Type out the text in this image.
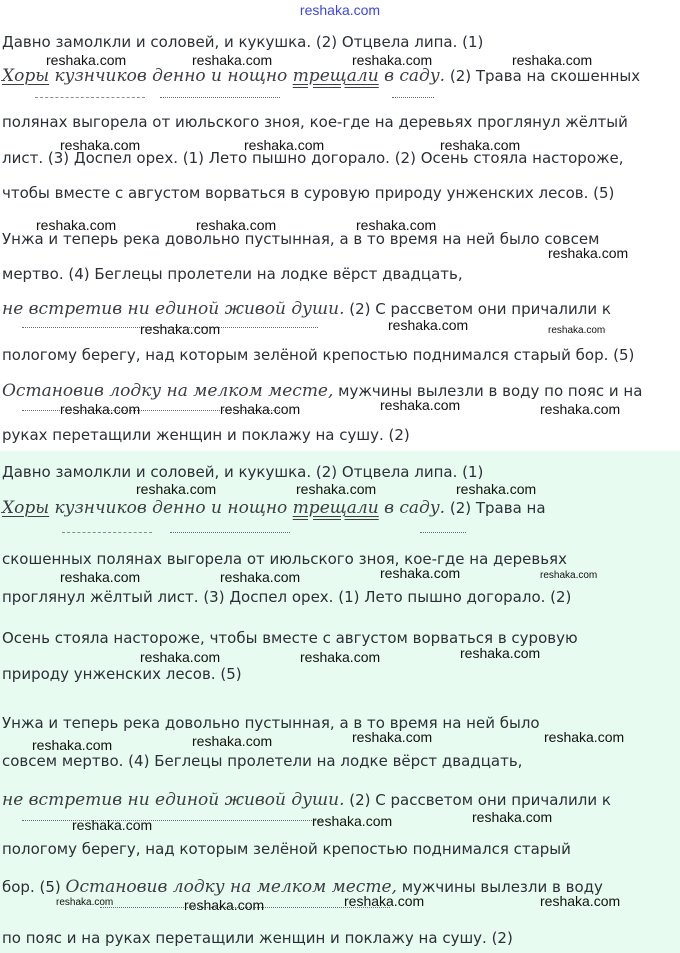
reshaka.com
Давно замолкли и соловей, и кукушка. (2) Отцвела липа. (1)
Хоры кузнчиков денно и нощно трещали в саду. (2) Трава на скошенных
полянах выгорела от июльского зноя, кое-где на деревьях проглянул жёлтый
лист. (3) Доспел орех. (1) Лето пышно догорало. (2) Осень стояла настороже,
чтобы вместе с августом ворваться в суровую природу унженских лесов. (5)
Унжа и теперь река довольно пустынная, а в то время на ней было совсем
мертво. (4) Беглецы пролетели на лодке вёрст двадцать,
не встретив ни единой живой души. (2) С рассветом они причалили к
пологому берегу, над которым зелёной крепостью поднимался старый бор. (5)
Остановив лодку на мелком месте, мужчины вылезли в воду по пояс и на
руках перетащили женщин и поклажу на сушу. (2)
Давно замолкли и соловей, и кукушка. (2) Отцвела липа. (1)
Хоры кузнчиков денно и нощно трещали в саду. (2) Трава на
скошенных полянах выгорела от июльского зноя, кое-где на деревьях
проглянул жёлтый лист. (3) Доспел орех. (1) Лето пышно догорало. (2)
Осень стояла настороже, чтобы вместе с августом ворваться в суровую
природу унженских лесов. (5)
Унжа и теперь река довольно пустынная, а в то время на ней было
совсем мертво. (4) Беглецы пролетели на лодке вёрст двадцать,
не встретив ни единой живой души. (2) С рассветом они причалили к
пологому берегу, над которым зелёной крепостью поднимался старый
бор. (5) Остановив лодку на мелком месте, мужчины вылезли в воду
по пояс и на руках перетащили женщин и поклажу на сушу. (2)
reshaka.com	reshaka.com	reshaka.com	reshaka.com
reshaka.com	reshaka.com	reshaka.com
reshaka.com	reshaka.com	reshaka.com
reshaka.com
reshaka.com	reshaka.com	reshaka.com
reshaka.com	reshaka.com	reshaka.com	reshaka.com
reshaka.com	reshaka.com	reshaka.com
reshaka.com	reshaka.com	reshaka.com	reshaka.com
reshaka.com	reshaka.com	reshaka.com
reshaka.com	reshaka.com	reshaka.com	reshaka.com
reshaka.com	reshaka.com	reshaka.com
reshaka.com	reshaka.com	reshaka.com	reshaka.com
